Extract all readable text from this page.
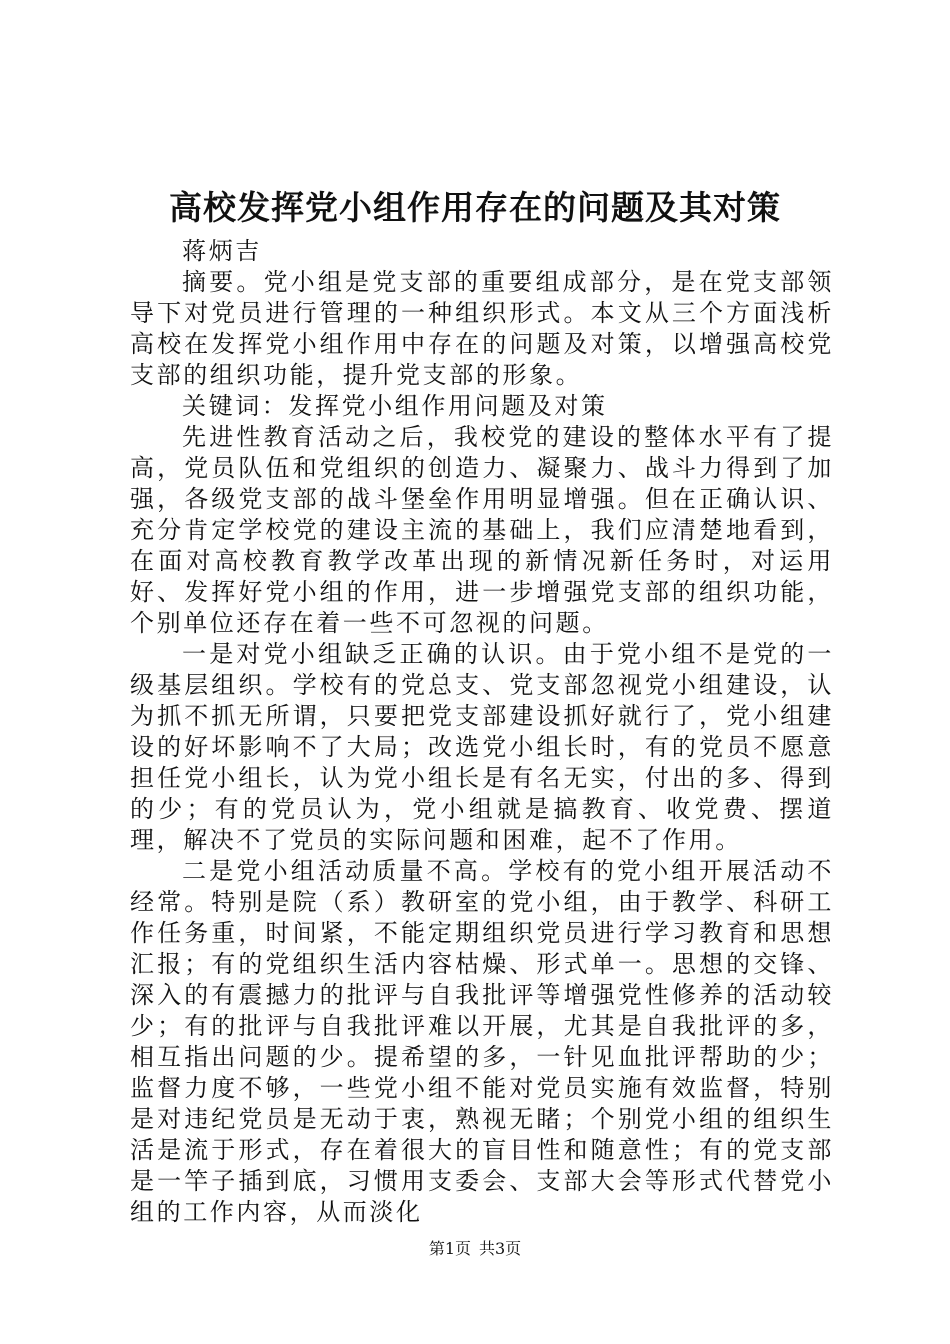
高校发挥党小组作用存在的问题及其对策

蒋炳吉

摘要。党小组是党支部的重要组成部分，是在党支部领导下对党员进行管理的一种组织形式。本文从三个方面浅析高校在发挥党小组作用中存在的问题及对策，以增强高校党支部的组织功能，提升党支部的形象。

关键词：发挥党小组作用问题及对策

先进性教育活动之后，我校党的建设的整体水平有了提高，党员队伍和党组织的创造力、凝聚力、战斗力得到了加强，各级党支部的战斗堡垒作用明显增强。但在正确认识、充分肯定学校党的建设主流的基础上，我们应清楚地看到，在面对高校教育教学改革出现的新情况新任务时，对运用好、发挥好党小组的作用，进一步增强党支部的组织功能，个别单位还存在着一些不可忽视的问题。

一是对党小组缺乏正确的认识。由于党小组不是党的一级基层组织。学校有的党总支、党支部忽视党小组建设，认为抓不抓无所谓，只要把党支部建设抓好就行了，党小组建设的好坏影响不了大局；改选党小组长时，有的党员不愿意担任党小组长，认为党小组长是有名无实，付出的多、得到的少；有的党员认为，党小组就是搞教育、收党费、摆道理，解决不了党员的实际问题和困难，起不了作用。

二是党小组活动质量不高。学校有的党小组开展活动不经常。特别是院（系）教研室的党小组，由于教学、科研工作任务重，时间紧，不能定期组织党员进行学习教育和思想汇报；有的党组织生活内容枯燥、形式单一。思想的交锋、深入的有震撼力的批评与自我批评等增强党性修养的活动较少；有的批评与自我批评难以开展，尤其是自我批评的多，相互指出问题的少。提希望的多，一针见血批评帮助的少；监督力度不够，一些党小组不能对党员实施有效监督，特别是对违纪党员是无动于衷，熟视无睹；个别党小组的组织生活是流于形式，存在着很大的盲目性和随意性；有的党支部是一竿子插到底，习惯用支委会、支部大会等形式代替党小组的工作内容，从而淡化

第1页 共3页
